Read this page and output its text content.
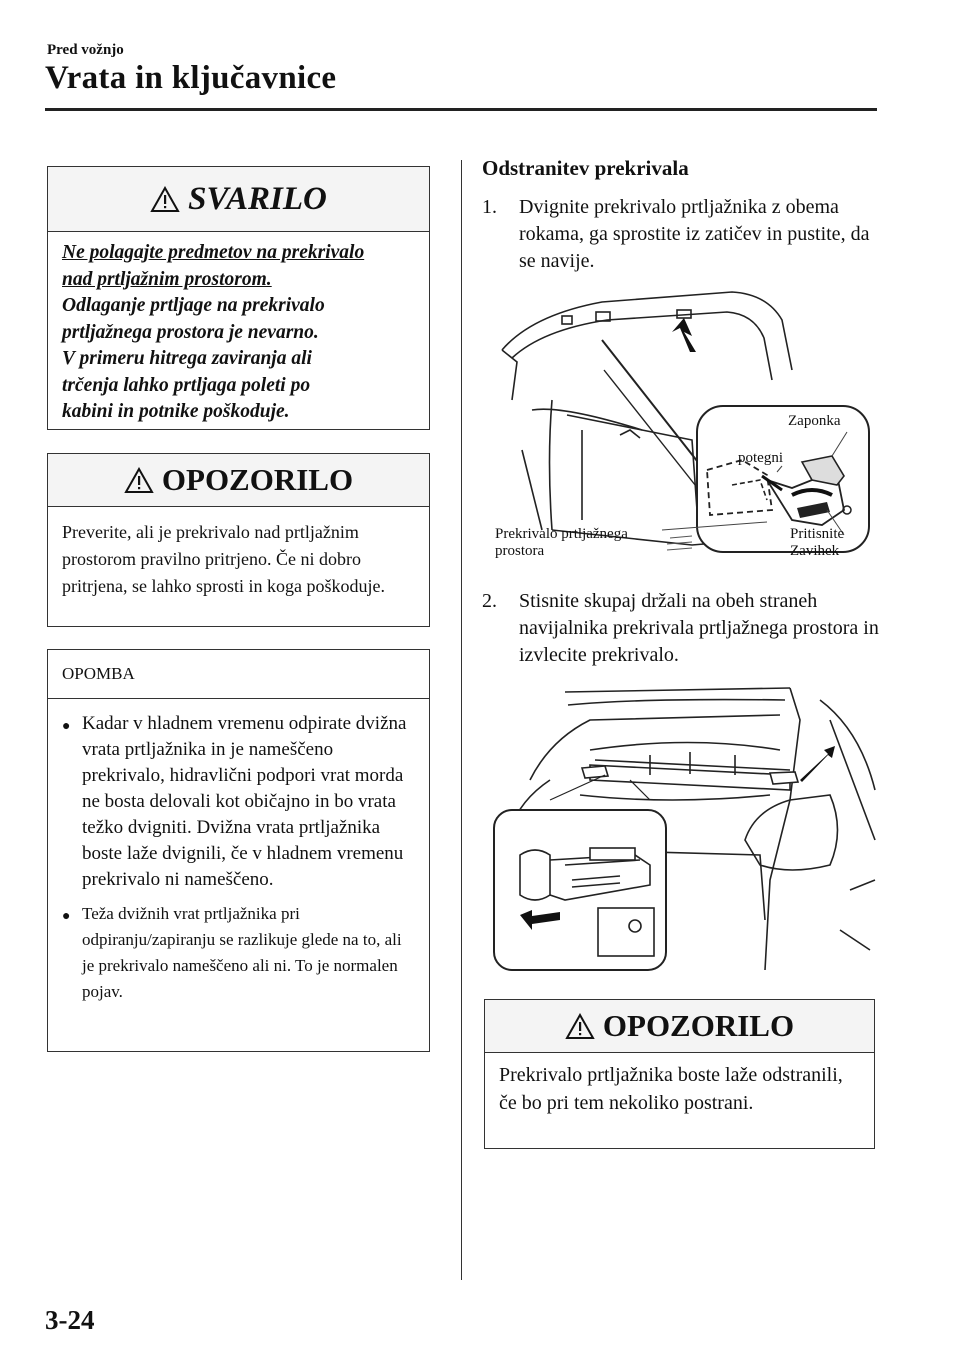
Pred vožnjo
Vrata in ključavnice
SVARILO
Ne polagajte predmetov na prekrivalo
nad prtljažnim prostorom.
Odlaganje prtljage na prekrivalo
prtljažnega prostora je nevarno.
V primeru hitrega zaviranja ali
trčenja lahko prtljaga poleti po
kabini in potnike poškoduje.
OPOZORILO
Preverite, ali je prekrivalo nad prtljažnim prostorom pravilno pritrjeno. Če ni dobro pritrjena, se lahko sprosti in koga poškoduje.
OPOMBA
● Kadar v hladnem vremenu odpirate dvižna vrata prtljažnika in je nameščeno prekrivalo, hidravlični podpori vrat morda ne bosta delovali kot običajno in bo vrata težko dvigniti. Dvižna vrata prtljažnika boste laže dvignili, če v hladnem vremenu prekrivalo ni nameščeno.
● Teža dvižnih vrat prtljažnika pri odpiranju/zapiranju se razlikuje glede na to, ali je prekrivalo nameščeno ali ni. To je normalen pojav.
Odstranitev prekrivala
1.	Dvignite prekrivalo prtljažnika z obema rokama, ga sprostite iz zatičev in pustite, da se navije.
Zaponka
potegni
Prekrivalo prtljažnega
prostora
Pritisnite
Zavihek
2.	Stisnite skupaj držali na obeh straneh navijalnika prekrivala prtljažnega prostora in izvlecite prekrivalo.
OPOZORILO
Prekrivalo prtljažnika boste laže odstranili, če bo pri tem nekoliko postrani.
3-24
